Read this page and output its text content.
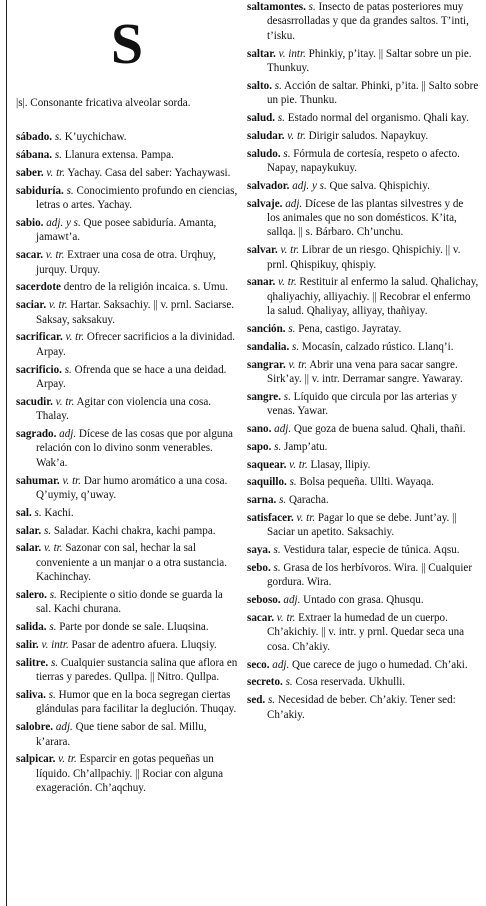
S
|s|. Consonante fricativa alveolar sorda.
sábado. s. K’uychichaw.
sábana. s. Llanura extensa. Pampa.
saber. v. tr. Yachay. Casa del saber: Yachaywasi.
sabiduría. s. Conocimiento profundo en ciencias, letras o artes. Yachay.
sabio. adj. y s. Que posee sabiduría. Amanta, jamawt’a.
sacar. v. tr. Extraer una cosa de otra. Urqhuy, jurquy. Urquy.
sacerdote dentro de la religión incaica. s. Umu.
saciar. v. tr. Hartar. Saksachiy. || v. prnl. Saciarse. Saksay, saksakuy.
sacrificar. v. tr. Ofrecer sacrificios a la divinidad. Arpay.
sacrificio. s. Ofrenda que se hace a una deidad. Arpay.
sacudir. v. tr. Agitar con violencia una cosa. Thalay.
sagrado. adj. Dícese de las cosas que por alguna relación con lo divino sonm venerables. Wak’a.
sahumar. v. tr. Dar humo aromático a una cosa. Q’uymiy, q’uway.
sal. s. Kachi.
salar. s. Saladar. Kachi chakra, kachi pampa.
salar. v. tr. Sazonar con sal, hechar la sal conveniente a un manjar o a otra sustancia. Kachinchay.
salero. s. Recipiente o sitio donde se guarda la sal. Kachi churana.
salida. s. Parte por donde se sale. Lluqsina.
salir. v. intr. Pasar de adentro afuera. Lluqsiy.
salitre. s. Cualquier sustancia salina que aflora en tierras y paredes. Qullpa. || Nitro. Qullpa.
saliva. s. Humor que en la boca segregan ciertas glándulas para facilitar la deglución. Thuqay.
salobre. adj. Que tiene sabor de sal. Millu, k’arara.
salpicar. v. tr. Esparcir en gotas pequeñas un líquido. Ch’allpachiy. || Rociar con alguna exageración. Ch’aqchuy.
saltamontes. s. Insecto de patas posteriores muy desasrrolladas y que da grandes saltos. T’inti, t’isku.
saltar. v. intr. Phinkiy, p’itay. || Saltar sobre un pie. Thunkuy.
salto. s. Acción de saltar. Phinki, p’ita. || Salto sobre un pie. Thunku.
salud. s. Estado normal del organismo. Qhali kay.
saludar. v. tr. Dirigir saludos. Napaykuy.
saludo. s. Fórmula de cortesía, respeto o afecto. Napay, napaykukuy.
salvador. adj. y s. Que salva. Qhispichiy.
salvaje. adj. Dícese de las plantas silvestres y de los animales que no son domésticos. K’ita, sallqa. || s. Bárbaro. Ch’unchu.
salvar. v. tr. Librar de un riesgo. Qhispichiy. || v. prnl. Qhispikuy, qhispiy.
sanar. v. tr. Restituir al enfermo la salud. Qhalichay, qhaliyachiy, alliyachiy. || Recobrar el enfermo la salud. Qhaliyay, alliyay, thañiyay.
sanción. s. Pena, castigo. Jayratay.
sandalia. s. Mocasín, calzado rústico. Llanq’i.
sangrar. v. tr. Abrir una vena para sacar sangre. Sirk’ay. || v. intr. Derramar sangre. Yawaray.
sangre. s. Líquido que circula por las arterias y venas. Yawar.
sano. adj. Que goza de buena salud. Qhali, thañi.
sapo. s. Jamp’atu.
saquear. v. tr. Llasay, llipiy.
saquillo. s. Bolsa pequeña. Ullti. Wayaqa.
sarna. s. Qaracha.
satisfacer. v. tr. Pagar lo que se debe. Junt’ay. || Saciar un apetito. Saksachiy.
saya. s. Vestidura talar, especie de túnica. Aqsu.
sebo. s. Grasa de los herbívoros. Wira. || Cualquier gordura. Wira.
seboso. adj. Untado con grasa. Qhusqu.
sacar. v. tr. Extraer la humedad de un cuerpo. Ch’akichiy. || v. intr. y prnl. Quedar seca una cosa. Ch’akiy.
seco. adj. Que carece de jugo o humedad. Ch’aki.
secreto. s. Cosa reservada. Ukhulli.
sed. s. Necesidad de beber. Ch’akiy. Tener sed: Ch’akiy.
